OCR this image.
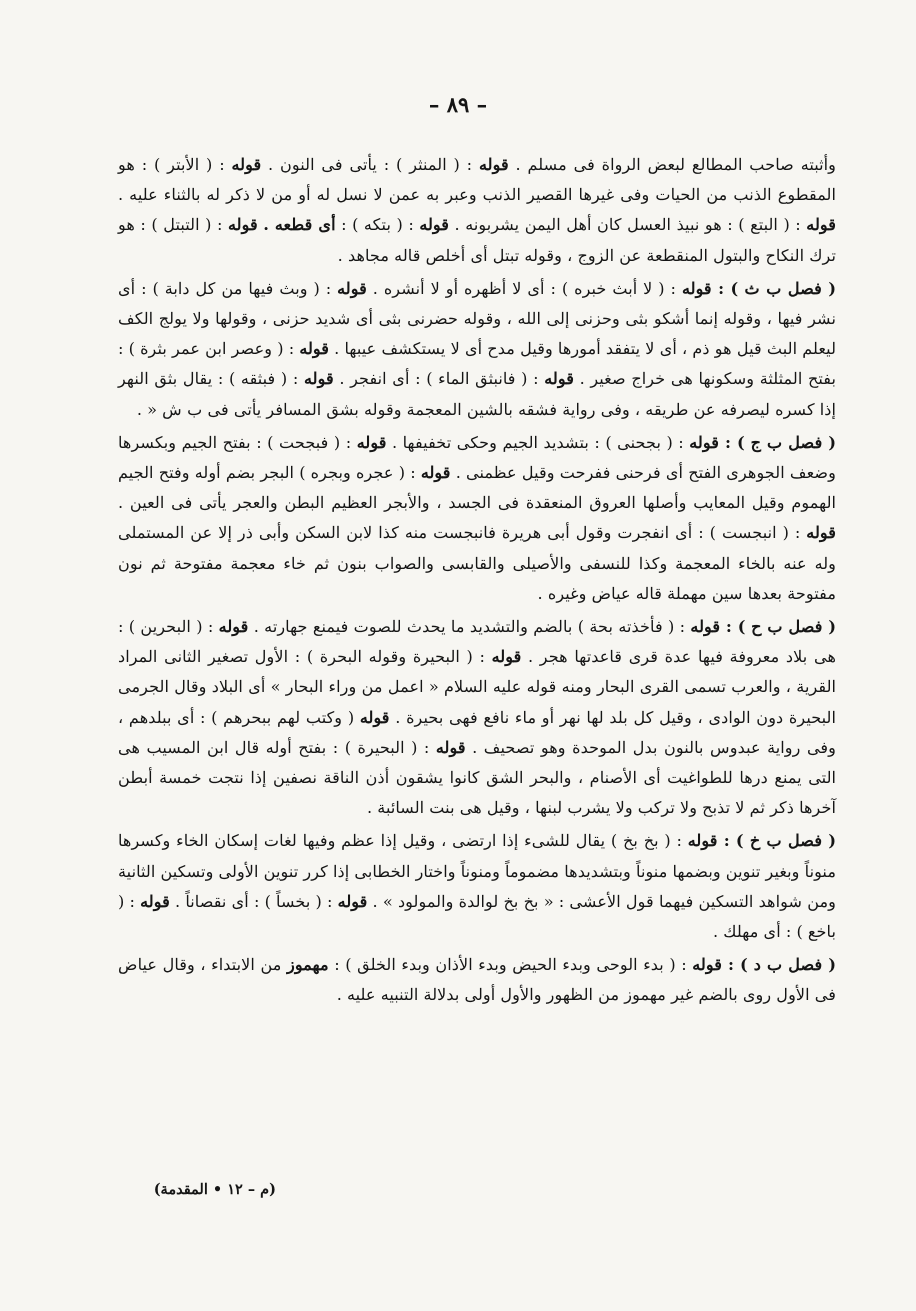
– ٨٩ –

وأثبته صاحب المطالع لبعض الرواة فى مسلم . قوله : ( المنثر ) : يأتى فى النون . قوله : ( الأبتر ) : هو المقطوع الذنب من الحيات وفى غيرها القصير الذنب وعبر به عمن لا نسل له أو من لا ذكر له بالثناء عليه . قوله : ( البتع ) : هو نبيذ العسل كان أهل اليمن يشربونه . قوله : ( بتكه ) : أى قطعه . قوله : ( التبتل ) : هو ترك النكاح والبتول المنقطعة عن الزوج ، وقوله تبتل أى أخلص قاله مجاهد .

( فصل ب ث ) : قوله : ( لا أبث خبره ) : أى لا أظهره أو لا أنشره . قوله : ( وبث فيها من كل دابة ) : أى نشر فيها ، وقوله إنما أشكو بثى وحزنى إلى الله ، وقوله حضرنى بثى أى شديد حزنى ، وقولها ولا يولج الكف ليعلم البث قيل هو ذم ، أى لا يتفقد أمورها وقيل مدح أى لا يستكشف عيبها . قوله : ( وعصر ابن عمر بثرة ) : بفتح المثلثة وسكونها هى خراج صغير . قوله : ( فانبثق الماء ) : أى انفجر . قوله : ( فبثقه ) : يقال بثق النهر إذا كسره ليصرفه عن طريقه ، وفى رواية فشقه بالشين المعجمة وقوله بشق المسافر يأتى فى ب ش « .

( فصل ب ج ) : قوله : ( بجحنى ) : بتشديد الجيم وحكى تخفيفها . قوله : ( فبجحت ) : بفتح الجيم وبكسرها وضعف الجوهرى الفتح أى فرحنى ففرحت وقيل عظمنى . قوله : ( عجره وبجره ) البجر بضم أوله وفتح الجيم الهموم وقيل المعايب وأصلها العروق المنعقدة فى الجسد ، والأبجر العظيم البطن والعجر يأتى فى العين . قوله : ( انبجست ) : أى انفجرت وقول أبى هريرة فانبجست منه كذا لابن السكن وأبى ذر إلا عن المستملى وله عنه بالخاء المعجمة وكذا للنسفى والأصيلى والقابسى والصواب بنون ثم خاء معجمة مفتوحة ثم نون مفتوحة بعدها سين مهملة قاله عياض وغيره .

( فصل ب ح ) : قوله : ( فأخذته بحة ) بالضم والتشديد ما يحدث للصوت فيمنع جهارته . قوله : ( البحرين ) : هى بلاد معروفة فيها عدة قرى قاعدتها هجر . قوله : ( البحيرة وقوله البحرة ) : الأول تصغير الثانى المراد القرية ، والعرب تسمى القرى البحار ومنه قوله عليه السلام « اعمل من وراء البحار » أى البلاد وقال الجرمى البحيرة دون الوادى ، وقيل كل بلد لها نهر أو ماء نافع فهى بحيرة . قوله ( وكتب لهم ببحرهم ) : أى ببلدهم ، وفى رواية عبدوس بالنون بدل الموحدة وهو تصحيف . قوله : ( البحيرة ) : بفتح أوله قال ابن المسيب هى التى يمنع درها للطواغيت أى الأصنام ، والبحر الشق كانوا يشقون أذن الناقة نصفين إذا نتجت خمسة أبطن آخرها ذكر ثم لا تذبح ولا تركب ولا يشرب لبنها ، وقيل هى بنت السائبة .

( فصل ب خ ) : قوله : ( بخ بخ ) يقال للشىء إذا ارتضى ، وقيل إذا عظم وفيها لغات إسكان الخاء وكسرها منوناً وبغير تنوين وبضمها منوناً وبتشديدها مضموماً ومنوناً واختار الخطابى إذا كرر تنوين الأولى وتسكين الثانية ومن شواهد التسكين فيهما قول الأعشى : « بخ بخ لوالدة والمولود » . قوله : ( بخساً ) : أى نقصاناً . قوله : ( باخع ) : أى مهلك .

( فصل ب د ) : قوله : ( بدء الوحى وبدء الحيض وبدء الأذان وبدء الخلق ) : مهموز من الابتداء ، وقال عياض فى الأول روى بالضم غير مهموز من الظهور والأول أولى بدلالة التنبيه عليه .

(م – ١٢ • المقدمة)
